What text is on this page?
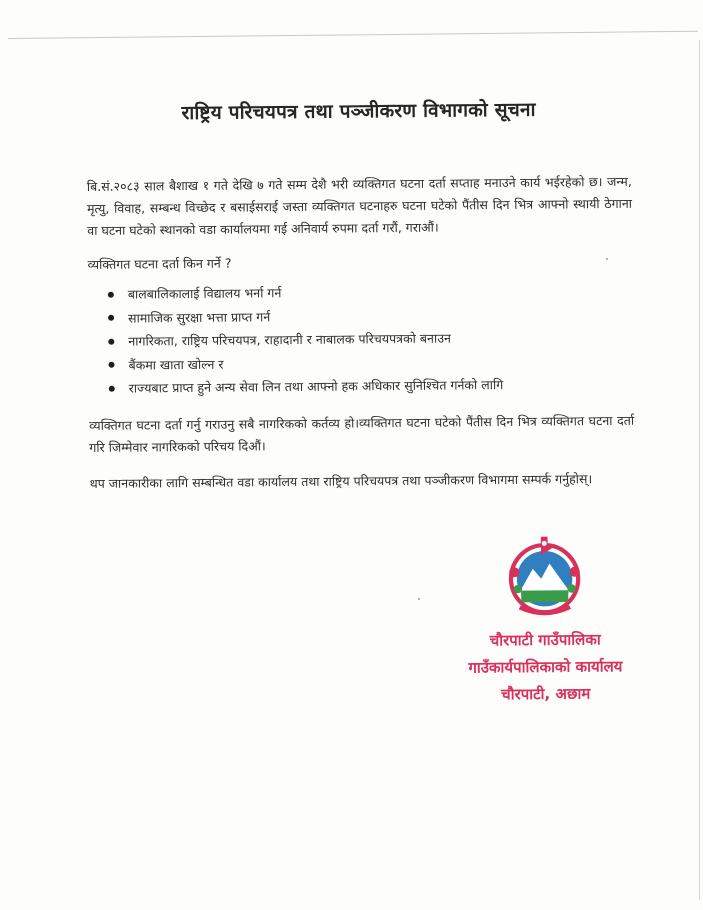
राष्ट्रिय परिचयपत्र तथा पञ्जीकरण विभागको सूचना

बि.सं.२०८३ साल बैशाख १ गते देखि ७ गते सम्म देशै भरी व्यक्तिगत घटना दर्ता सप्ताह मनाउने कार्य भईरहेको छ। जन्म, मृत्यु, विवाह, सम्बन्ध विच्छेद र बसाईसराई जस्ता व्यक्तिगत घटनाहरु घटना घटेको पैंतीस दिन भित्र आफ्नो स्थायी ठेगाना वा घटना घटेको स्थानको वडा कार्यालयमा गई अनिवार्य रुपमा दर्ता गरौं, गराऔं।

व्यक्तिगत घटना दर्ता किन गर्ने ?

बालबालिकालाई विद्यालय भर्ना गर्न
सामाजिक सुरक्षा भत्ता प्राप्त गर्न
नागरिकता, राष्ट्रिय परिचयपत्र, राहादानी र नाबालक परिचयपत्रको बनाउन
बैंकमा खाता खोल्न र
राज्यबाट प्राप्त हुने अन्य सेवा लिन तथा आफ्नो हक अधिकार सुनिश्चित गर्नको लागि

व्यक्तिगत घटना दर्ता गर्नु गराउनु सबै नागरिकको कर्तव्य हो।व्यक्तिगत घटना घटेको पैंतीस दिन भित्र व्यक्तिगत घटना दर्ता गरि जिम्मेवार नागरिकको परिचय दिऔं।

थप जानकारीका लागि सम्बन्धित वडा कार्यालय तथा राष्ट्रिय परिचयपत्र तथा पञ्जीकरण विभागमा सम्पर्क गर्नुहोस्।

चौरपाटी गाउँपालिका
गाउँकार्यपालिकाको कार्यालय
चौरपाटी, अछाम
